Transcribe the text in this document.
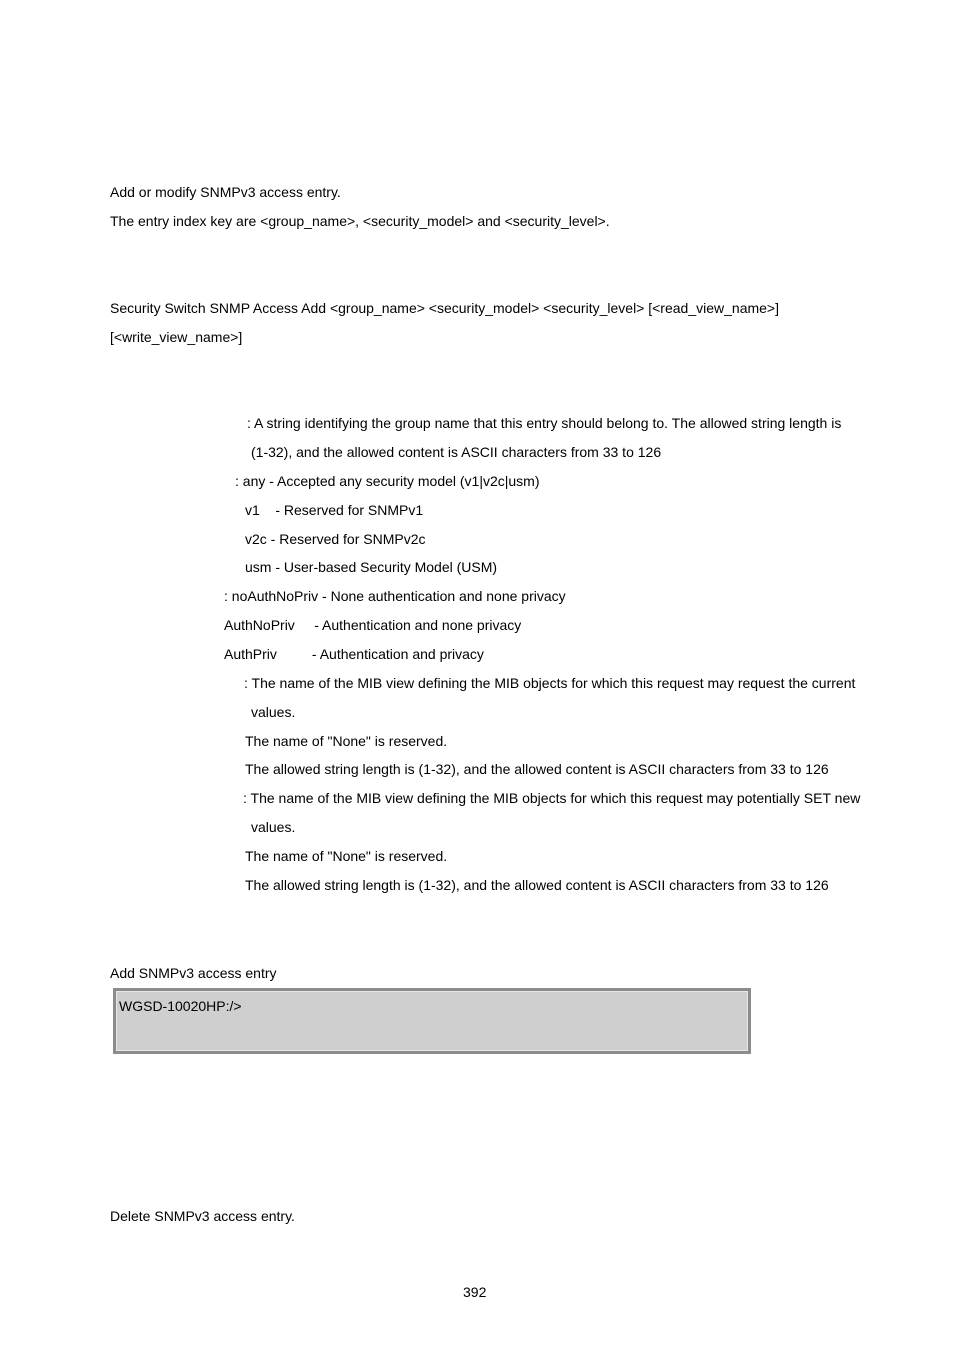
Add or modify SNMPv3 access entry.
The entry index key are <group_name>, <security_model> and <security_level>.
Security Switch SNMP Access Add <group_name> <security_model> <security_level> [<read_view_name>]
[<write_view_name>]
: A string identifying the group name that this entry should belong to. The allowed string length is
(1-32), and the allowed content is ASCII characters from 33 to 126
: any - Accepted any security model (v1|v2c|usm)
v1    - Reserved for SNMPv1
v2c - Reserved for SNMPv2c
usm - User-based Security Model (USM)
: noAuthNoPriv - None authentication and none privacy
AuthNoPriv     - Authentication and none privacy
AuthPriv         - Authentication and privacy
: The name of the MIB view defining the MIB objects for which this request may request the current
values.
The name of "None" is reserved.
The allowed string length is (1-32), and the allowed content is ASCII characters from 33 to 126
: The name of the MIB view defining the MIB objects for which this request may potentially SET new
values.
The name of "None" is reserved.
The allowed string length is (1-32), and the allowed content is ASCII characters from 33 to 126
Add SNMPv3 access entry
WGSD-10020HP:/>
Delete SNMPv3 access entry.
392
